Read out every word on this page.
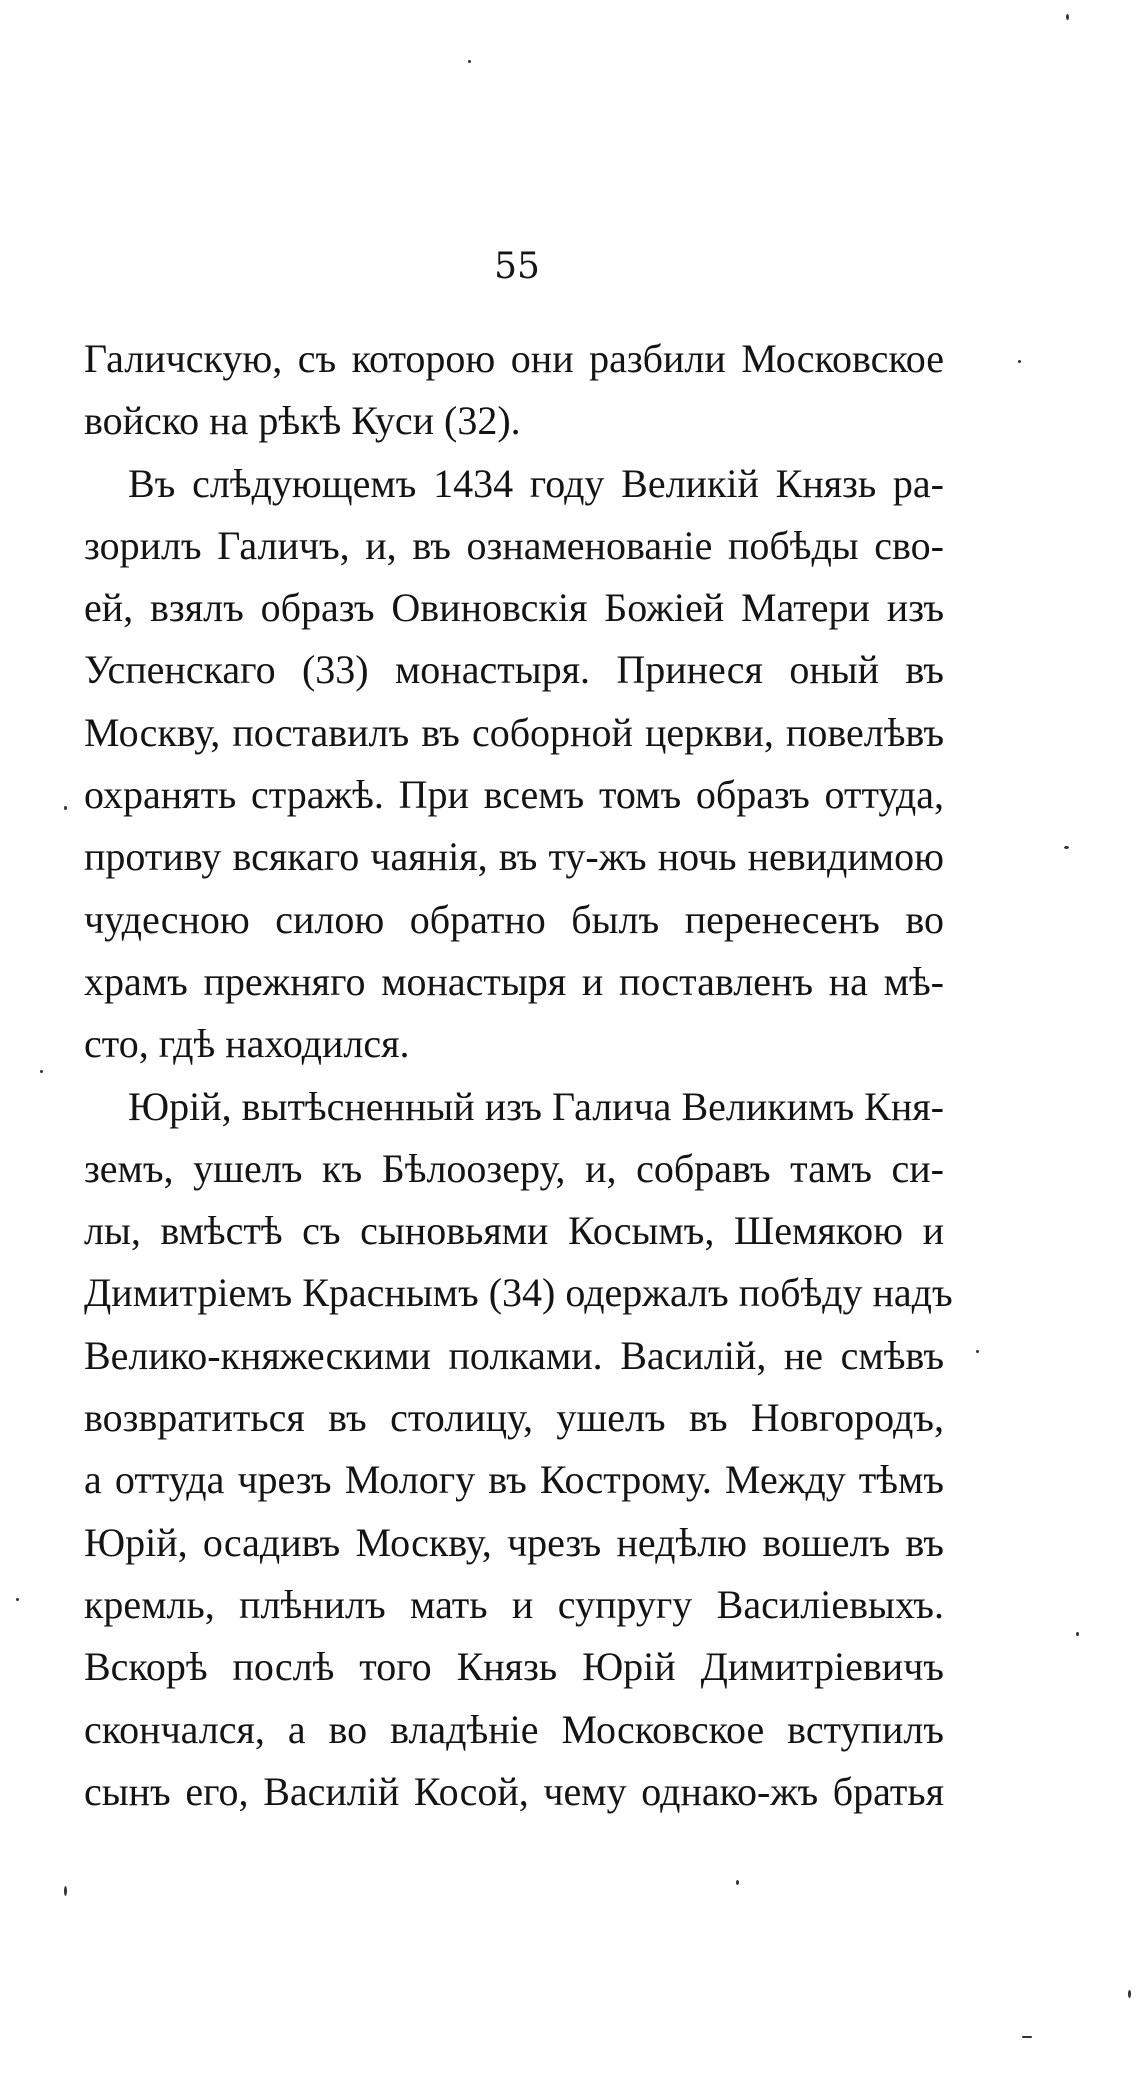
55
Галичскую, съ которою они разбили Московское
войско на рѣкѣ Куси (32).
Въ слѣдующемъ 1434 году Великій Князь ра-
зорилъ Галичъ, и, въ ознаменованіе побѣды сво-
ей, взялъ образъ Овиновскія Божіей Матери изъ
Успенскаго (33) монастыря. Принеся оный въ
Москву, поставилъ въ соборной церкви, повелѣвъ
охранять стражѣ. При всемъ томъ образъ оттуда,
противу всякаго чаянія, въ ту-жъ ночь невидимою
чудесною силою обратно былъ перенесенъ во
храмъ прежняго монастыря и поставленъ на мѣ-
сто, гдѣ находился.
Юрій, вытѣсненный изъ Галича Великимъ Кня-
земъ, ушелъ къ Бѣлоозеру, и, собравъ тамъ си-
лы, вмѣстѣ съ сыновьями Косымъ, Шемякою и
Димитріемъ Краснымъ (34) одержалъ побѣду надъ
Велико-княжескими полками. Василій, не смѣвъ
возвратиться въ столицу, ушелъ въ Новгородъ,
а оттуда чрезъ Мологу въ Кострому. Между тѣмъ
Юрій, осадивъ Москву, чрезъ недѣлю вошелъ въ
кремль, плѣнилъ мать и супругу Василіевыхъ.
Вскорѣ послѣ того Князь Юрій Димитріевичъ
скончался, а во владѣніе Московское вступилъ
сынъ его, Василій Косой, чему однако-жъ братья
